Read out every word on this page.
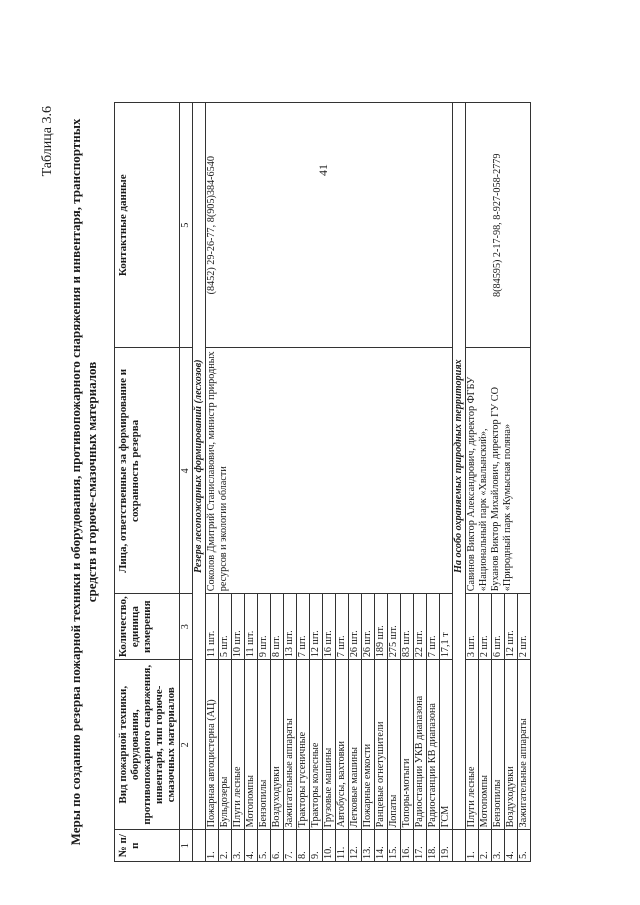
41
Таблица 3.6 Меры по созданию резерва пожарной техники и оборудования, противопожарного снаряжения и инвентаря, транспортных средств и горюче-смазочных материалов
№ п/п	Вид пожарной техники, оборудования, противопожарного снаряжения, инвентаря, тип горюче-смазочных материалов	Количество, единица измерения	Лица, ответственные за формирование и сохранность резерва	Контактные данные
1	2	3	4	5
	Резерв лесопожарных формирований (лесхозов)			
1.	Пожарная автоцистерна (АЦ)	11 шт.	Соколов Дмитрий Станиславович, министр природных ресурсов и экологии области	(8452) 29-26-77, 8(905)384-6540
2.	Бульдозеры	5 шт.		
3.	Плуги лесные	10 шт.		
4.	Мотопомпы	11 шт.		
5.	Бензопилы	9 шт.		
6.	Воздуходувки	8 шт.		
7.	Зажигательные аппараты	13 шт.		
8.	Тракторы гусеничные	7 шт.		
9.	Тракторы колесные	12 шт.		
10.	Грузовые машины	16 шт.		
11.	Автобусы, вахтовки	7 шт.		
12.	Легковые машины	26 шт.		
13.	Пожарные емкости	26 шт.		
14.	Ранцевые огнетушители	189 шт.		
15.	Лопаты	275 шт.		
16.	Топоры-мотыги	83 шт.		
17.	Радиостанции УКВ диапазона	22 шт.		
18.	Радиостанции КВ диапазона	7 шт.		
19.	ГСМ	17,1 т		
	На особо охраняемых природных территориях			
1.	Плуги лесные	3 шт.	Савинов Виктор Александрович, директор ФГБУ «Национальный парк «Хвалынский», Буханов Виктор Михайлович, директор ГУ СО «Природный парк «Кумысная поляна»	8(84595) 2-17-98, 8-927-058-2779
2.	Мотопомпы	2 шт.		
3.	Бензопилы	6 шт.		
4.	Воздуходувки	12 шт.		
5.	Зажигательные аппараты	2 шт.		
